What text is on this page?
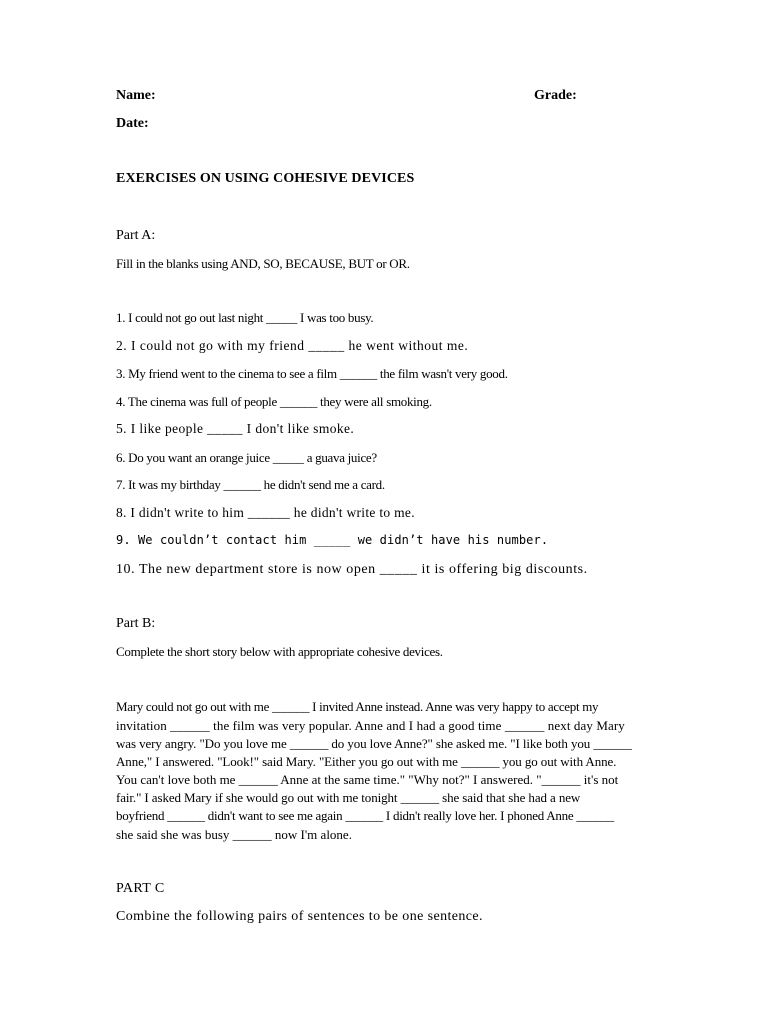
Name:	Grade:
Date:
EXERCISES ON USING COHESIVE DEVICES
Part A:
Fill in the blanks using AND, SO, BECAUSE, BUT or OR.
1. I could not go out last night _____ I was too busy.
2. I could not go with my friend _____ he went without me.
3. My friend went to the cinema to see a film ______ the film wasn't very good.
4. The cinema was full of people ______ they were all smoking.
5. I like people _____ I don't like smoke.
6. Do you want an orange juice _____ a guava juice?
7. It was my birthday ______ he didn't send me a card.
8. I didn't write to him ______ he didn't write to me.
9. We couldn’t contact him _____ we didn’t have his number.
10. The new department store is now open _____ it is offering big discounts.
Part B:
Complete the short story below with appropriate cohesive devices.
Mary could not go out with me ______ I invited Anne instead. Anne was very happy to accept my
invitation ______ the film was very popular. Anne and I had a good time ______ next day Mary
was very angry. "Do you love me ______ do you love Anne?" she asked me. "I like both you ______
Anne," I answered. "Look!" said Mary. "Either you go out with me ______ you go out with Anne.
You can't love both me ______ Anne at the same time." "Why not?" I answered. "______ it's not
fair." I asked Mary if she would go out with me tonight ______ she said that she had a new
boyfriend ______ didn't want to see me again ______ I didn't really love her. I phoned Anne ______
she said she was busy ______ now I'm alone.
PART C
Combine the following pairs of sentences to be one sentence.
